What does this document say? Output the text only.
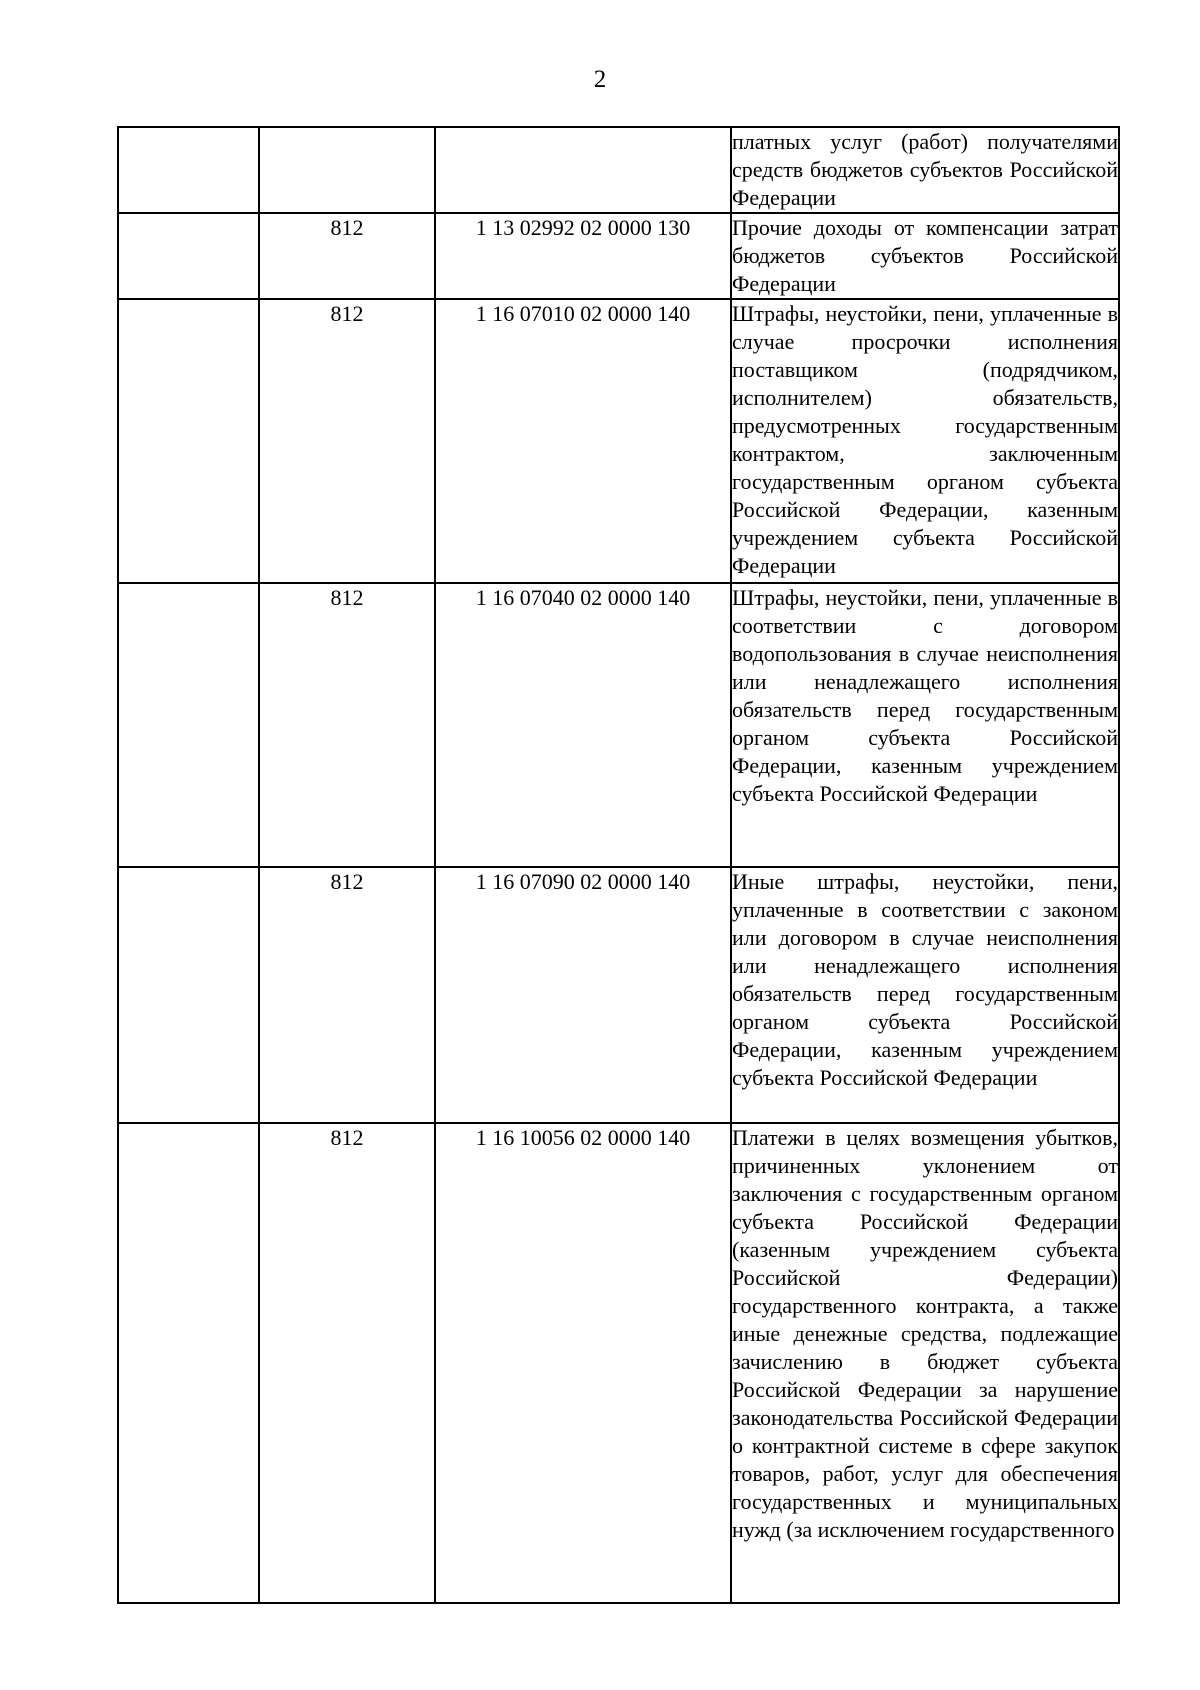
2

			платных услуг (работ) получателями средств бюджетов субъектов Российской Федерации

	812	1 13 02992 02 0000 130	Прочие доходы от компенсации затрат бюджетов субъектов Российской Федерации

	812	1 16 07010 02 0000 140	Штрафы, неустойки, пени, уплаченные в случае просрочки исполнения поставщиком (подрядчиком, исполнителем) обязательств, предусмотренных государственным контрактом, заключенным государственным органом субъекта Российской Федерации, казенным учреждением субъекта Российской Федерации

	812	1 16 07040 02 0000 140	Штрафы, неустойки, пени, уплаченные в соответствии с договором водопользования в случае неисполнения или ненадлежащего исполнения обязательств перед государственным органом субъекта Российской Федерации, казенным учреждением субъекта Российской Федерации

	812	1 16 07090 02 0000 140	Иные штрафы, неустойки, пени, уплаченные в соответствии с законом или договором в случае неисполнения или ненадлежащего исполнения обязательств перед государственным органом субъекта Российской Федерации, казенным учреждением субъекта Российской Федерации

	812	1 16 10056 02 0000 140	Платежи в целях возмещения убытков, причиненных уклонением от заключения с государственным органом субъекта Российской Федерации (казенным учреждением субъекта Российской Федерации) государственного контракта, а также иные денежные средства, подлежащие зачислению в бюджет субъекта Российской Федерации за нарушение законодательства Российской Федерации о контрактной системе в сфере закупок товаров, работ, услуг для обеспечения государственных и муниципальных нужд (за исключением государственного
